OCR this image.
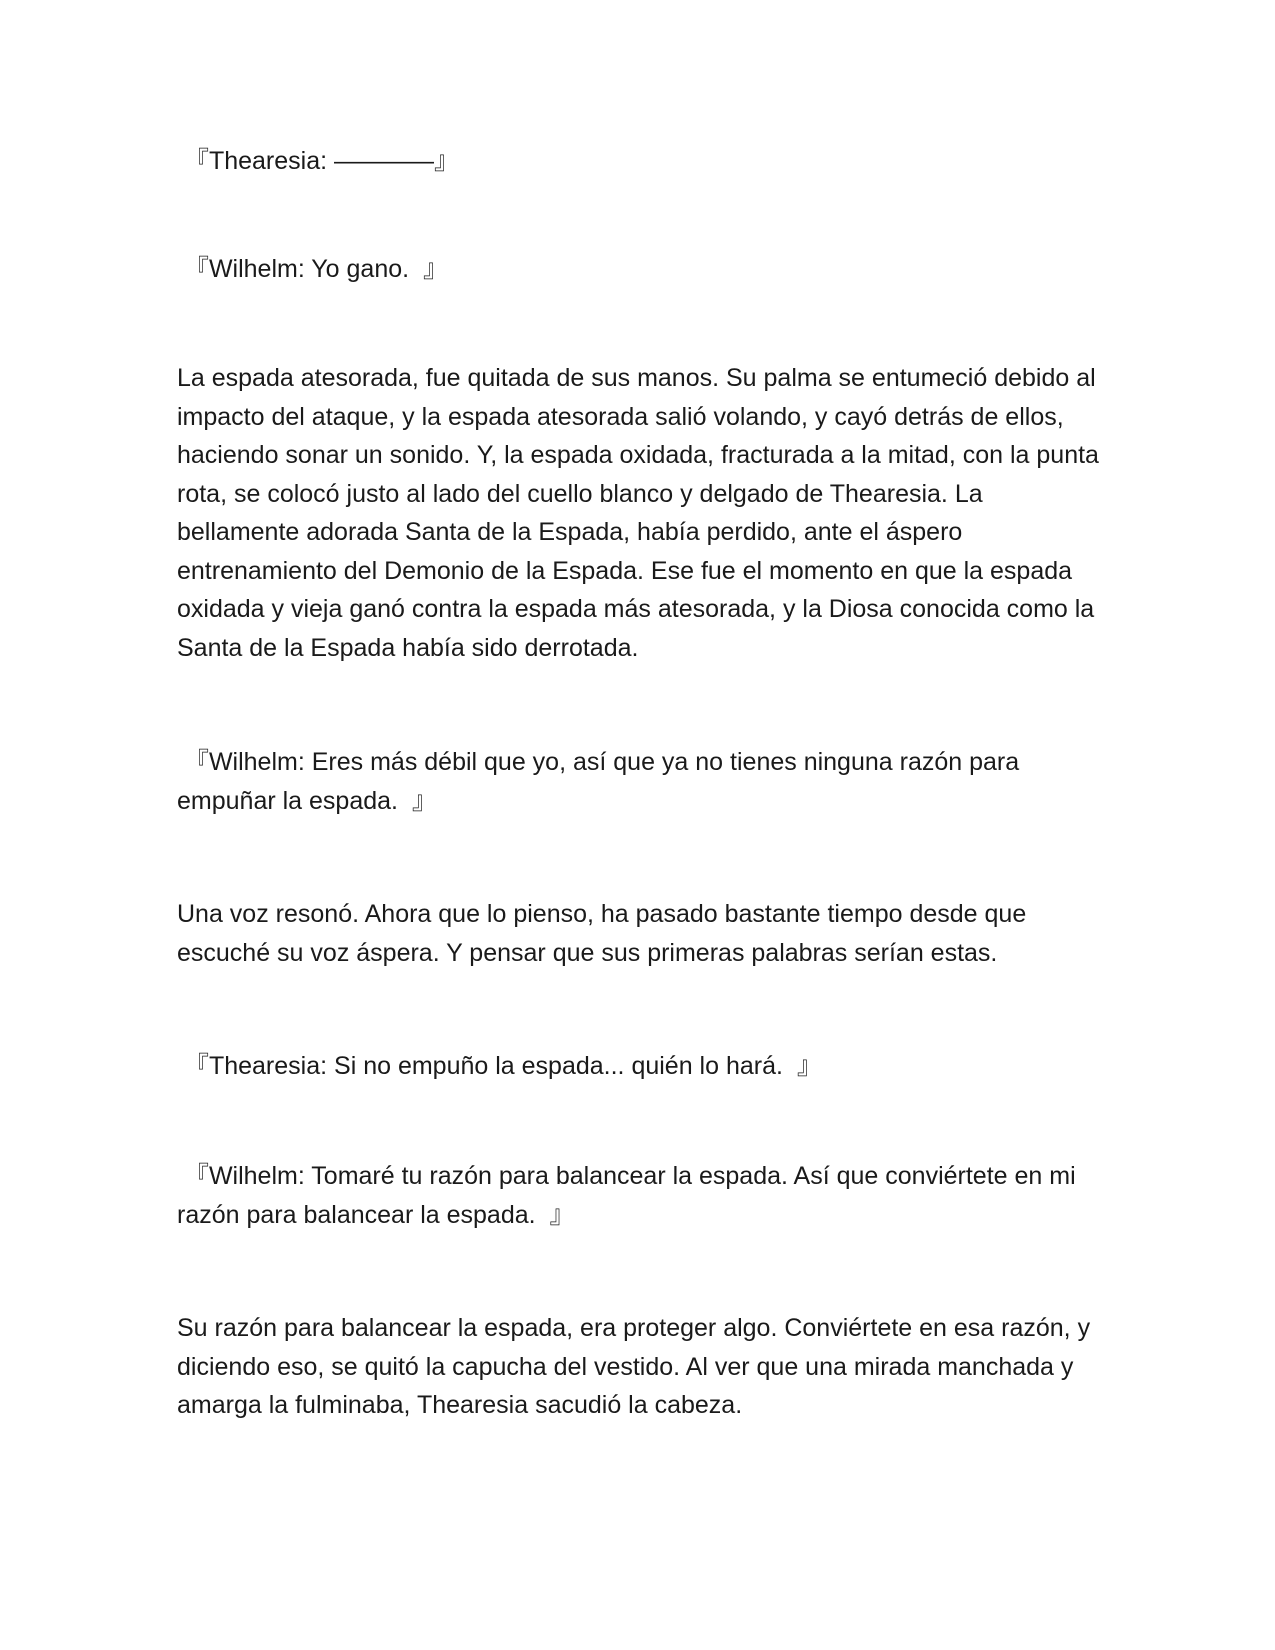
『Thearesia: ――――』

『Wilhelm: Yo gano.  』

La espada atesorada, fue quitada de sus manos. Su palma se entumeció debido al impacto del ataque, y la espada atesorada salió volando, y cayó detrás de ellos, haciendo sonar un sonido. Y, la espada oxidada, fracturada a la mitad, con la punta rota, se colocó justo al lado del cuello blanco y delgado de Thearesia. La bellamente adorada Santa de la Espada, había perdido, ante el áspero entrenamiento del Demonio de la Espada. Ese fue el momento en que la espada oxidada y vieja ganó contra la espada más atesorada, y la Diosa conocida como la Santa de la Espada había sido derrotada.

『Wilhelm: Eres más débil que yo, así que ya no tienes ninguna razón para empuñar la espada.  』

Una voz resonó. Ahora que lo pienso, ha pasado bastante tiempo desde que escuché su voz áspera. Y pensar que sus primeras palabras serían estas.

『Thearesia: Si no empuño la espada... quién lo hará.  』

『Wilhelm: Tomaré tu razón para balancear la espada. Así que conviértete en mi razón para balancear la espada.  』

Su razón para balancear la espada, era proteger algo. Conviértete en esa razón, y diciendo eso, se quitó la capucha del vestido. Al ver que una mirada manchada y amarga la fulminaba, Thearesia sacudió la cabeza.
